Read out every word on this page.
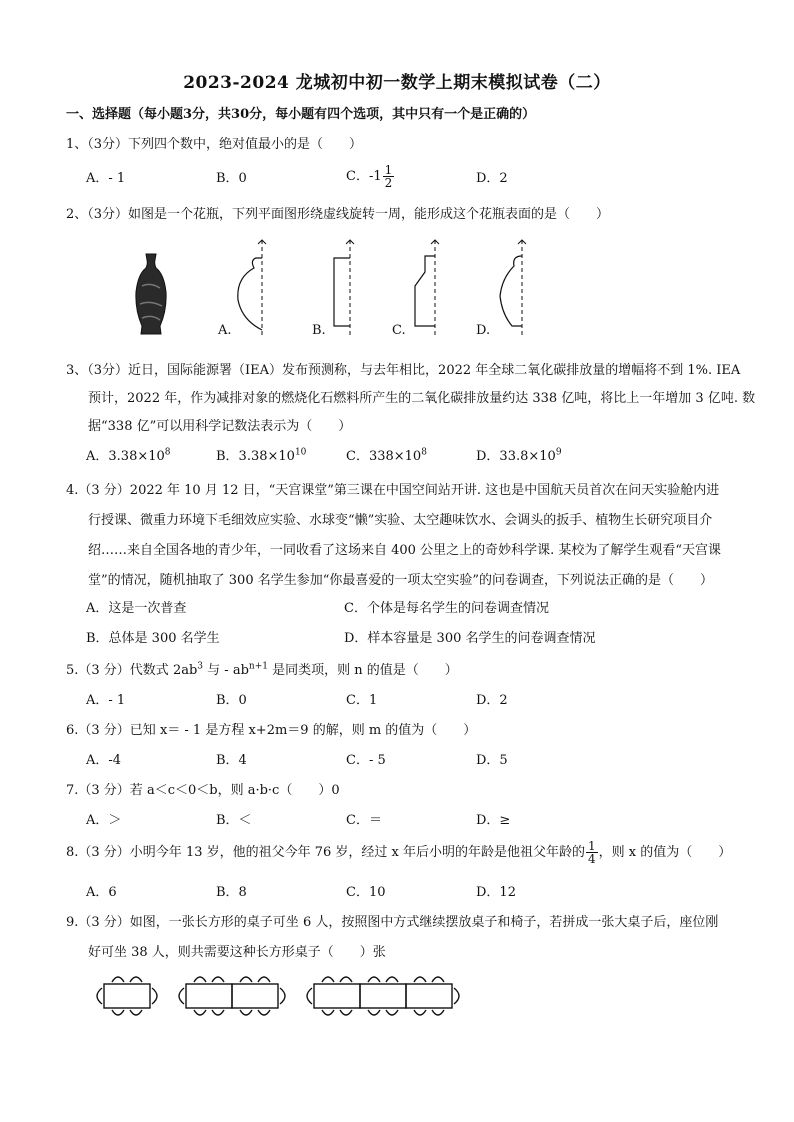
2023-2024 龙城初中初一数学上期末模拟试卷（二）
一、选择题（每小题3分，共30分，每小题有四个选项，其中只有一个是正确的）
1、（3分）下列四个数中，绝对值最小的是（　　）
A．- 1	B．0	C．$-1 \frac{1}{2}$	D．2
2、（3分）如图是一个花瓶，下列平面图形绕虚线旋转一周，能形成这个花瓶表面的是（　　）
A.	B.	C.	D.
3、（3分）近日，国际能源署（IEA）发布预测称，与去年相比，2022 年全球二氧化碳排放量的增幅将不到 1%. IEA
预计，2022 年，作为减排对象的燃烧化石燃料所产生的二氧化碳排放量约达 338 亿吨，将比上一年增加 3 亿吨. 数
据“338 亿”可以用科学记数法表示为（　　）
A．$3.38\times 10^8$	B．$3.38\times 10^{10}$	C．$338\times 10^8$	D．$33.8\times 10^9$
4.（3 分）2022 年 10 月 12 日，“天宫课堂”第三课在中国空间站开讲. 这也是中国航天员首次在问天实验舱内进
行授课、微重力环境下毛细效应实验、水球变“懒”实验、太空趣味饮水、会调头的扳手、植物生长研究项目介
绍……来自全国各地的青少年，一同收看了这场来自 400 公里之上的奇妙科学课. 某校为了解学生观看“天宫课
堂”的情况，随机抽取了 300 名学生参加“你最喜爱的一项太空实验”的问卷调查，下列说法正确的是（　　）
A．这是一次普查	C．个体是每名学生的问卷调查情况
B．总体是 300 名学生	D．样本容量是 300 名学生的问卷调查情况
5.（3 分）代数式 $2ab^3$ 与 - $ab^{n+1}$ 是同类项，则 n 的值是（　　）
A．- 1	B．0	C．1	D．2
6.（3 分）已知 x＝ - 1 是方程 x+2m＝9 的解，则 m 的值为（　　）
A．-4	B．4	C．- 5	D．5
7.（3 分）若 a＜c＜0＜b，则 a·b·c（　　）0
A．＞	B．＜	C．＝	D．≥
8.（3 分）小明今年 13 岁，他的祖父今年 76 岁，经过 x 年后小明的年龄是他祖父年龄的 $\frac{1}{4}$ ，则 x 的值为（　　）
A．6	B．8	C．10	D．12
9.（3 分）如图，一张长方形的桌子可坐 6 人，按照图中方式继续摆放桌子和椅子，若拼成一张大桌子后，座位刚
好可坐 38 人，则共需要这种长方形桌子（　　）张
